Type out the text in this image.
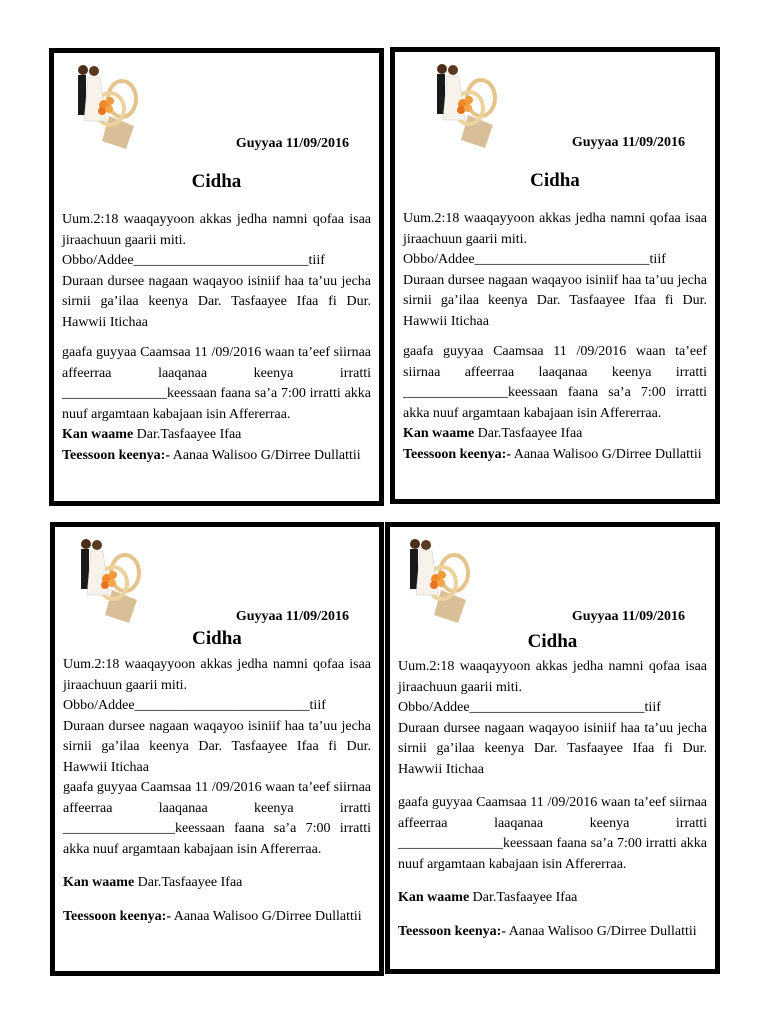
Guyyaa 11/09/2016
Cidha

Uum.2:18 waaqayyoon akkas jedha namni qofaa isaa jiraachuun gaarii miti.

Obbo/Addee_________________________tiif

Duraan dursee nagaan waqayoo isiniif haa ta’uu jecha sirnii ga’ilaa keenya Dar. Tasfaayee Ifaa fi Dur. Hawwii Itichaa

gaafa guyyaa Caamsaa 11 /09/2016 waan ta’eef siirnaa affeerraa laaqanaa keenya irratti _______________keessaan faana sa’a 7:00 irratti akka nuuf argamtaan kabajaan isin Affererraa.

Kan waame Dar.Tasfaayee Ifaa

Teessoon keenya:- Aanaa Walisoo G/Dirree Dullattii

Guyyaa 11/09/2016
Cidha

Uum.2:18 waaqayyoon akkas jedha namni qofaa isaa jiraachuun gaarii miti.

Obbo/Addee_________________________tiif

Duraan dursee nagaan waqayoo isiniif haa ta’uu jecha sirnii ga’ilaa keenya Dar. Tasfaayee Ifaa fi Dur. Hawwii Itichaa

gaafa guyyaa Caamsaa 11 /09/2016 waan ta’eef siirnaa affeerraa laaqanaa keenya irratti _______________keessaan faana sa’a 7:00 irratti akka nuuf argamtaan kabajaan isin Affererraa.

Kan waame Dar.Tasfaayee Ifaa

Teessoon keenya:- Aanaa Walisoo G/Dirree Dullattii

Guyyaa 11/09/2016
Cidha

Uum.2:18 waaqayyoon akkas jedha namni qofaa isaa jiraachuun gaarii miti.

Obbo/Addee_________________________tiif

Duraan dursee nagaan waqayoo isiniif haa ta’uu jecha sirnii ga’ilaa keenya Dar. Tasfaayee Ifaa fi Dur. Hawwii Itichaa

gaafa guyyaa Caamsaa 11 /09/2016 waan ta’eef siirnaa affeerraa laaqanaa keenya irratti ________________keessaan faana sa’a 7:00 irratti akka nuuf argamtaan kabajaan isin Affererraa.

Kan waame Dar.Tasfaayee Ifaa

Teessoon keenya:- Aanaa Walisoo G/Dirree Dullattii

Guyyaa 11/09/2016
Cidha

Uum.2:18 waaqayyoon akkas jedha namni qofaa isaa jiraachuun gaarii miti.

Obbo/Addee_________________________tiif

Duraan dursee nagaan waqayoo isiniif haa ta’uu jecha sirnii ga’ilaa keenya Dar. Tasfaayee Ifaa fi Dur. Hawwii Itichaa

gaafa guyyaa Caamsaa 11 /09/2016 waan ta’eef siirnaa affeerraa laaqanaa keenya irratti _______________keessaan faana sa’a 7:00 irratti akka nuuf argamtaan kabajaan isin Affererraa.

Kan waame Dar.Tasfaayee Ifaa

Teessoon keenya:- Aanaa Walisoo G/Dirree Dullattii
